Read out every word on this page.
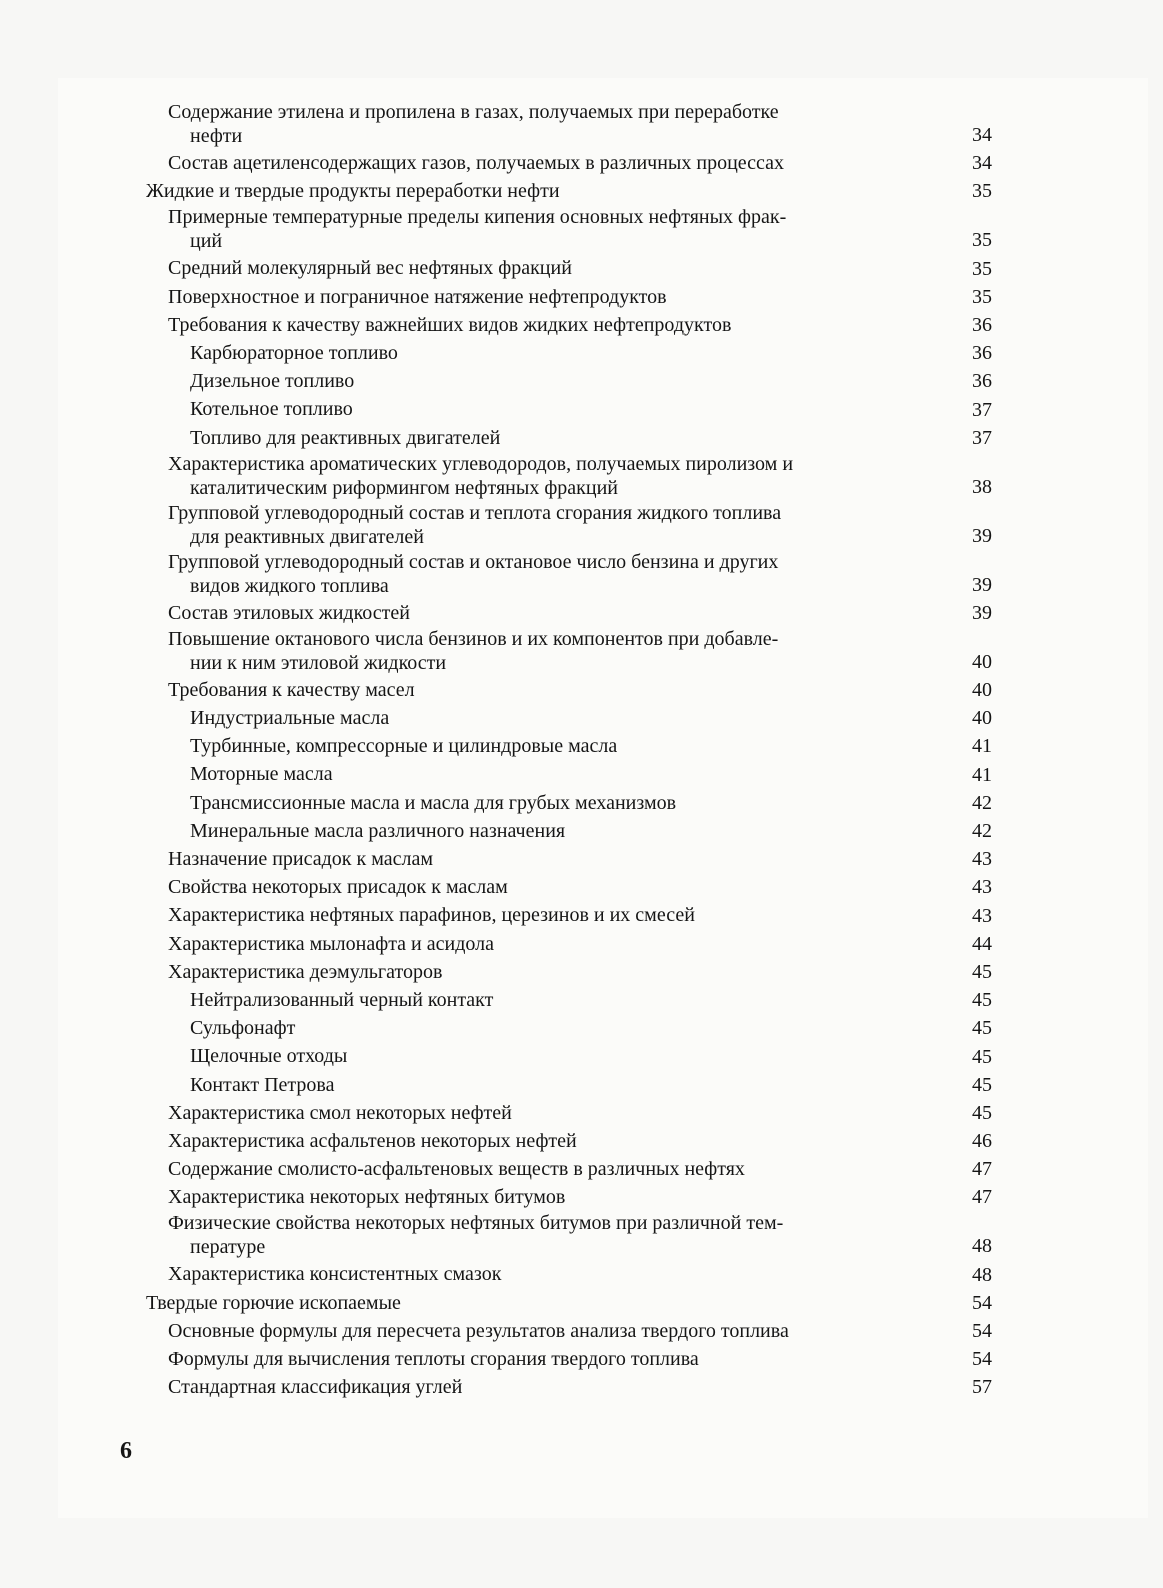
Содержание этилена и пропилена в газах, получаемых при переработке
нефти	34
Состав ацетиленсодержащих газов, получаемых в различных процессах	34
Жидкие и твердые продукты переработки нефти	35
Примерные температурные пределы кипения основных нефтяных фрак-
ций	35
Средний молекулярный вес нефтяных фракций	35
Поверхностное и пограничное натяжение нефтепродуктов	35
Требования к качеству важнейших видов жидких нефтепродуктов	36
Карбюраторное топливо	36
Дизельное топливо	36
Котельное топливо	37
Топливо для реактивных двигателей	37
Характеристика ароматических углеводородов, получаемых пиролизом и
каталитическим риформингом нефтяных фракций	38
Групповой углеводородный состав и теплота сгорания жидкого топлива
для реактивных двигателей	39
Групповой углеводородный состав и октановое число бензина и других
видов жидкого топлива	39
Состав этиловых жидкостей	39
Повышение октанового числа бензинов и их компонентов при добавле-
нии к ним этиловой жидкости	40
Требования к качеству масел	40
Индустриальные масла	40
Турбинные, компрессорные и цилиндровые масла	41
Моторные масла	41
Трансмиссионные масла и масла для грубых механизмов	42
Минеральные масла различного назначения	42
Назначение присадок к маслам	43
Свойства некоторых присадок к маслам	43
Характеристика нефтяных парафинов, церезинов и их смесей	43
Характеристика мылонафта и асидола	44
Характеристика деэмульгаторов	45
Нейтрализованный черный контакт	45
Сульфонафт	45
Щелочные отходы	45
Контакт Петрова	45
Характеристика смол некоторых нефтей	45
Характеристика асфальтенов некоторых нефтей	46
Содержание смолисто-асфальтеновых веществ в различных нефтях	47
Характеристика некоторых нефтяных битумов	47
Физические свойства некоторых нефтяных битумов при различной тем-
пературе	48
Характеристика консистентных смазок	48
Твердые горючие ископаемые	54
Основные формулы для пересчета результатов анализа твердого топлива	54
Формулы для вычисления теплоты сгорания твердого топлива	54
Стандартная классификация углей	57
6
